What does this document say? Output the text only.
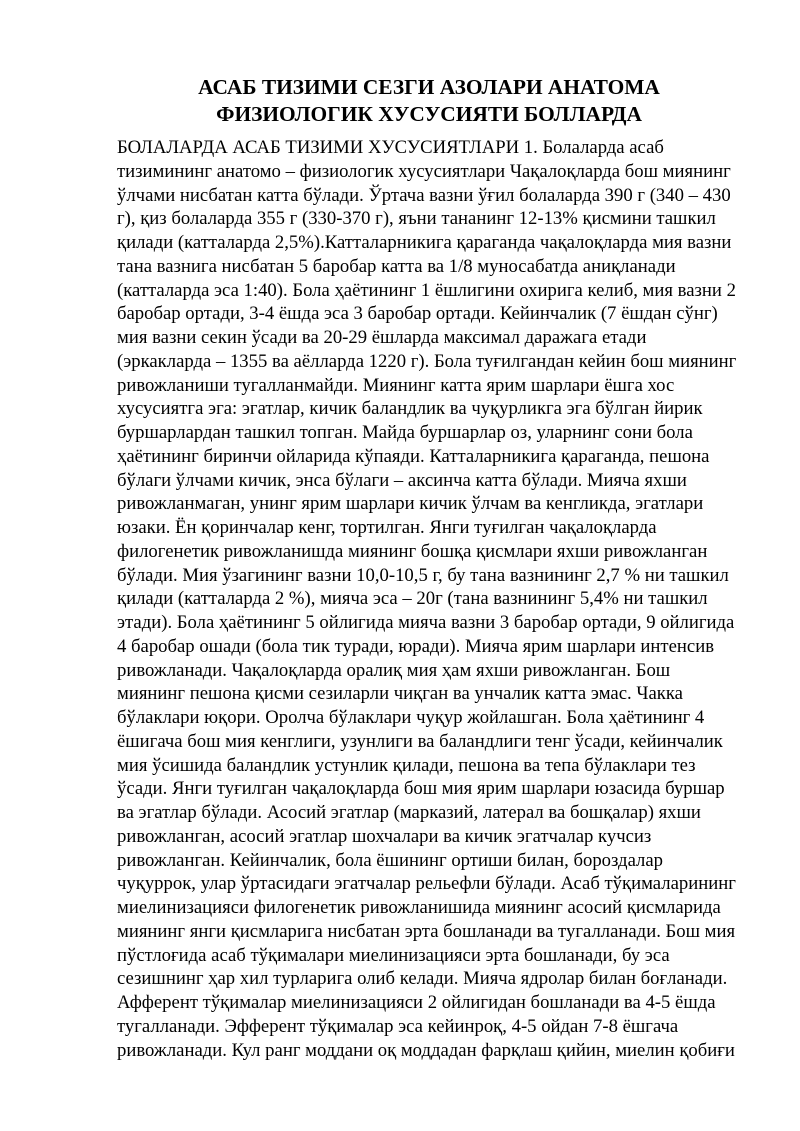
АСАБ ТИЗИМИ СЕЗГИ АЗОЛАРИ АНАТОМА
ФИЗИОЛОГИК ХУСУСИЯТИ БОЛЛАРДА

БОЛАЛАРДА АСАБ ТИЗИМИ ХУСУСИЯТЛАРИ 1. Болаларда асаб тизимининг анатомо – физиологик хусусиятлари Чақалоқларда бош миянинг ўлчами нисбатан катта бўлади. Ўртача вазни ўғил болаларда 390 г (340 – 430 г), қиз болаларда 355 г (330-370 г), яъни тананинг 12-13% қисмини ташкил қилади (катталарда 2,5%).Катталарникига қараганда чақалоқларда мия вазни тана вазнига нисбатан 5 баробар катта ва 1/8 муносабатда аниқланади (катталарда эса 1:40). Бола ҳаётининг 1 ёшлигини охирига келиб, мия вазни 2 баробар ортади, 3-4 ёшда эса 3 баробар ортади. Кейинчалик (7 ёшдан сўнг) мия вазни секин ўсади ва 20-29 ёшларда максимал даражага етади (эркакларда – 1355 ва аёлларда 1220 г). Бола туғилгандан кейин бош миянинг ривожланиши тугалланмайди. Миянинг катта ярим шарлари ёшга хос хусусиятга эга: эгатлар, кичик баландлик ва чуқурликга эга бўлган йирик буршарлардан ташкил топган. Майда буршарлар оз, уларнинг сони бола ҳаётининг биринчи ойларида кўпаяди. Катталарникига қараганда, пешона бўлаги ўлчами кичик, энса бўлаги – аксинча катта бўлади. Мияча яхши ривожланмаган, унинг ярим шарлари кичик ўлчам ва кенгликда, эгатлари юзаки. Ён қоринчалар кенг, тортилган. Янги туғилган чақалоқларда филогенетик ривожланишда миянинг бошқа қисмлари яхши ривожланган бўлади. Мия ўзагининг вазни 10,0-10,5 г, бу тана вазнининг 2,7 % ни ташкил қилади (катталарда 2 %), мияча эса – 20г (тана вазнининг 5,4% ни ташкил этади). Бола ҳаётининг 5 ойлигида мияча вазни 3 баробар ортади, 9 ойлигида 4 баробар ошади (бола тик туради, юради). Мияча ярим шарлари интенсив ривожланади. Чақалоқларда оралиқ мия ҳам яхши ривожланган. Бош миянинг пешона қисми сезиларли чиқган ва унчалик катта эмас. Чакка бўлаклари юқори. Оролча бўлаклари чуқур жойлашган. Бола ҳаётининг 4 ёшигача бош мия кенглиги, узунлиги ва баландлиги тенг ўсади, кейинчалик мия ўсишида баландлик устунлик қилади, пешона ва тепа бўлаклари тез ўсади. Янги туғилган чақалоқларда бош мия ярим шарлари юзасида буршар ва эгатлар бўлади. Асосий эгатлар (марказий, латерал ва бошқалар) яхши ривожланган, асосий эгатлар шохчалари ва кичик эгатчалар кучсиз ривожланган. Кейинчалик, бола ёшининг ортиши билан, бороздалар чуқуррок, улар ўртасидаги эгатчалар рельефли бўлади. Асаб тўқималарининг миелинизацияси филогенетик ривожланишида миянинг асосий қисмларида миянинг янги қисмларига нисбатан эрта бошланади ва тугалланади. Бош мия пўстлоғида асаб тўқималари миелинизацияси эрта бошланади, бу эса сезишнинг ҳар хил турларига олиб келади. Мияча ядролар билан боғланади. Афферент тўқималар миелинизацияси 2 ойлигидан бошланади ва 4-5 ёшда тугалланади. Эфферент тўқималар эса кейинроқ, 4-5 ойдан 7-8 ёшгача ривожланади. Кул ранг моддани оқ моддадан фарқлаш қийин, миелин қобиғи
